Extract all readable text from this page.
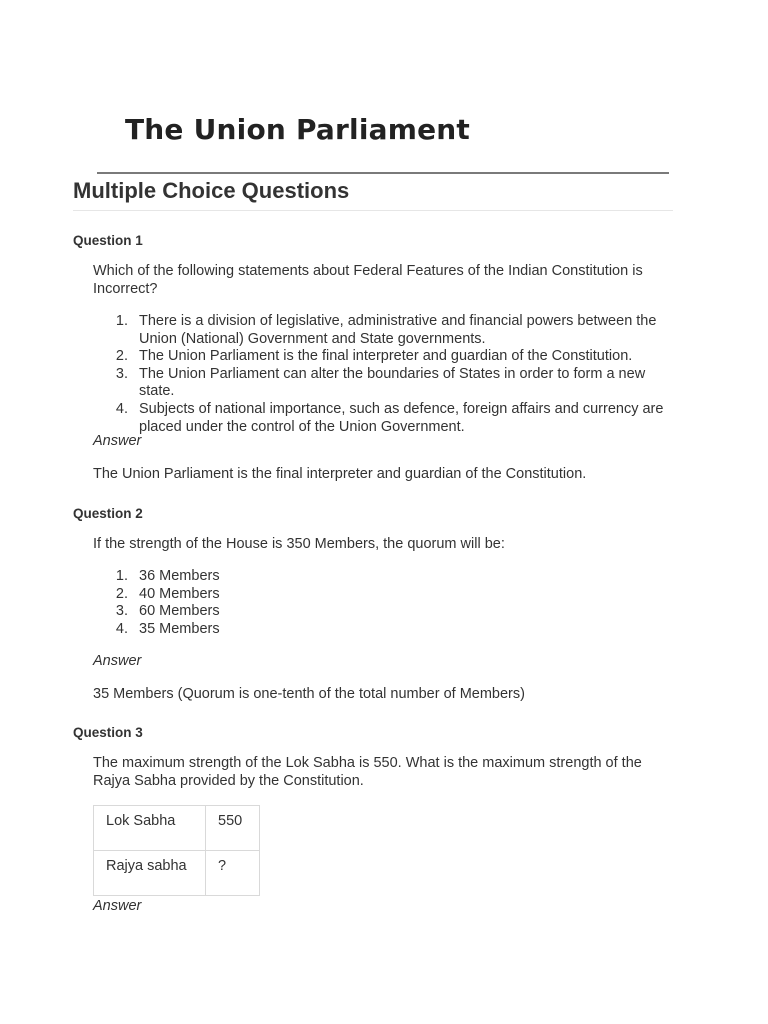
The Union Parliament
Multiple Choice Questions

Question 1

Which of the following statements about Federal Features of the Indian Constitution is Incorrect?

1. There is a division of legislative, administrative and financial powers between the Union (National) Government and State governments.
2. The Union Parliament is the final interpreter and guardian of the Constitution.
3. The Union Parliament can alter the boundaries of States in order to form a new state.
4. Subjects of national importance, such as defence, foreign affairs and currency are placed under the control of the Union Government.

Answer

The Union Parliament is the final interpreter and guardian of the Constitution.

Question 2

If the strength of the House is 350 Members, the quorum will be:

1. 36 Members
2. 40 Members
3. 60 Members
4. 35 Members

Answer

35 Members (Quorum is one-tenth of the total number of Members)

Question 3

The maximum strength of the Lok Sabha is 550. What is the maximum strength of the Rajya Sabha provided by the Constitution.

Lok Sabha	550
Rajya sabha	?

Answer
